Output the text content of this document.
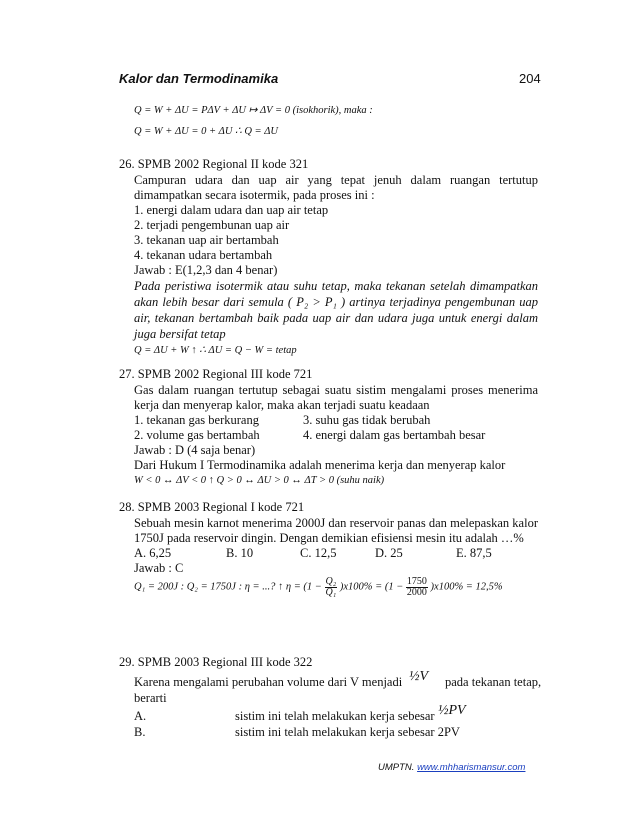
Kalor dan Termodinamika	204
Q = W + ΔU = PΔV + ΔU ↦ ΔV = 0 (isokhorik), maka :
Q = W + ΔU = 0 + ΔU ∴ Q = ΔU
26. SPMB 2002 Regional II kode 321
Campuran udara dan uap air yang tepat jenuh dalam ruangan tertutup
dimampatkan secara isotermik, pada proses ini :
1. energi dalam udara dan uap air tetap
2. terjadi pengembunan uap air
3. tekanan uap air bertambah
4. tekanan udara bertambah
Jawab : E(1,2,3 dan 4 benar)
Pada peristiwa isotermik atau suhu tetap, maka tekanan setelah dimampatkan
akan lebih besar dari semula ( P₂ > P₁ ) artinya terjadinya pengembunan uap
air, tekanan bertambah baik pada uap air dan udara juga untuk energi dalam
juga bersifat tetap
Q = ΔU + W ↑ ∴ ΔU = Q − W = tetap
27. SPMB 2002 Regional III kode 721
Gas dalam ruangan tertutup sebagai suatu sistim mengalami proses menerima
kerja dan menyerap kalor, maka akan terjadi suatu keadaan
1. tekanan gas berkurang	3. suhu gas tidak berubah
2. volume gas bertambah	4. energi dalam gas bertambah besar
Jawab : D (4 saja benar)
Dari Hukum I Termodinamika adalah menerima kerja dan menyerap kalor
W < 0 ↔ ΔV < 0 ↑ Q > 0 ↔ ΔU > 0 ↔ ΔT > 0 (suhu naik)
28. SPMB 2003 Regional I kode 721
Sebuah mesin karnot menerima 2000J dan reservoir panas dan melepaskan kalor
1750J pada reservoir dingin. Dengan demikian efisiensi mesin itu adalah …%
A. 6,25	B. 10	C. 12,5	D. 25	E. 87,5
Jawab : C
Q₁ = 200J : Q₂ = 1750J : η = ...? ↑ $\eta = (1 - \frac{\text{Q₂}}{\text{Q₁}} )x100\% = (1 - \frac{1750}{2000} )x100\% = 12,5\%$
29. SPMB 2003 Regional III kode 322
Karena mengalami perubahan volume dari V menjadi ½V pada tekanan tetap,
berarti
A.	sistim ini telah melakukan kerja sebesar ½PV
B.	sistim ini telah melakukan kerja sebesar 2PV
UMPTN. www.mhharismansur.com
